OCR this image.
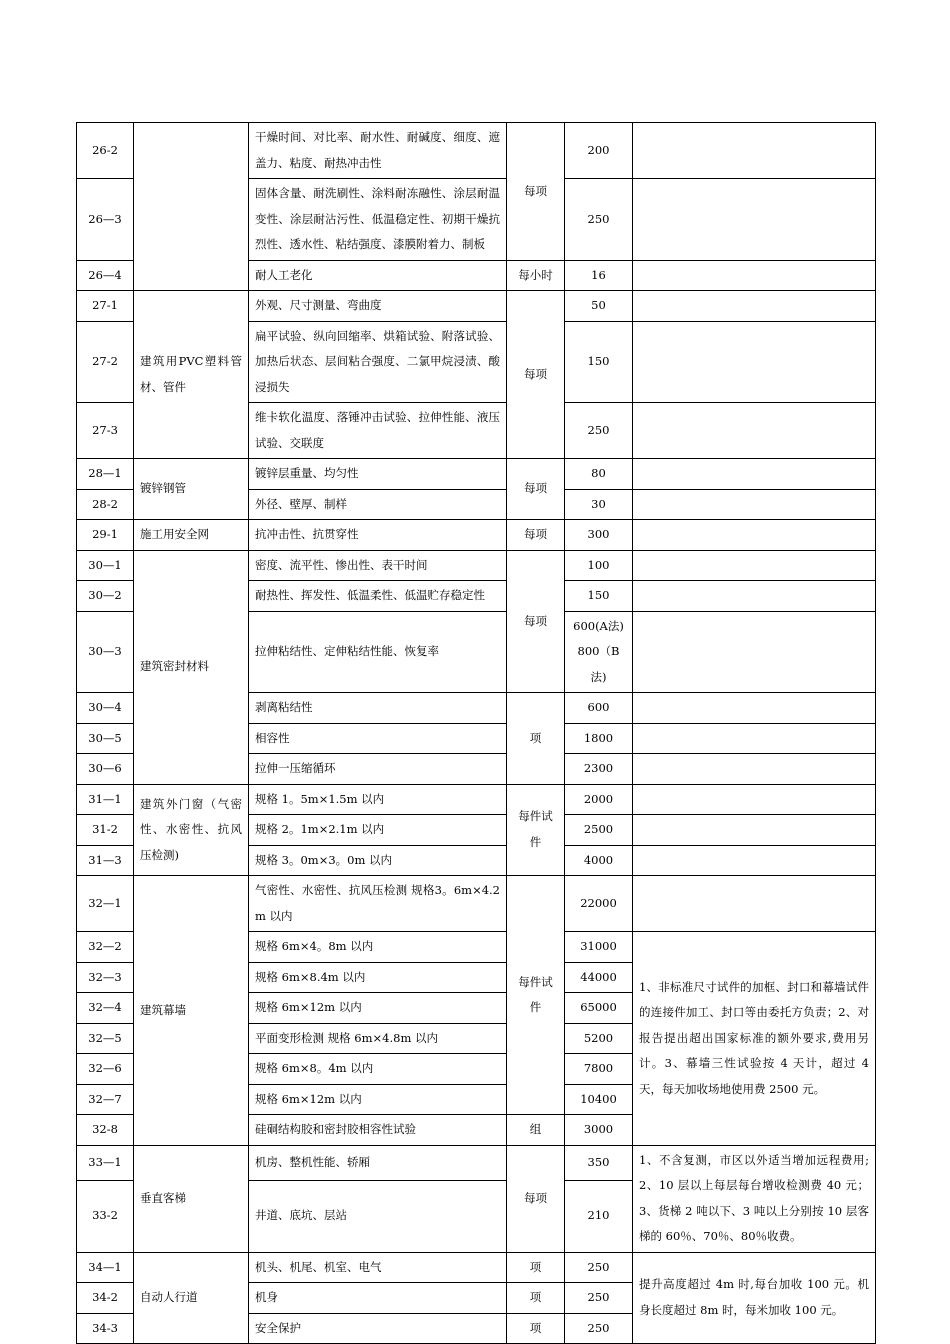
26-2		干燥时间、对比率、耐水性、耐碱度、细度、遮盖力、粘度、耐热冲击性	每项	200	
26—3		固体含量、耐洗刷性、涂料耐冻融性、涂层耐温变性、涂层耐沾污性、低温稳定性、初期干燥抗烈性、透水性、粘结强度、漆膜附着力、制板		250	
26—4		耐人工老化	每小时	16	
27-1	建筑用PVC塑料管材、管件	外观、尺寸测量、弯曲度	每项	50	
27-2		扁平试验、纵向回缩率、烘箱试验、附落试验、加热后状态、层间粘合强度、二氯甲烷浸渍、酸浸损失		150	
27-3		维卡软化温度、落锤冲击试验、拉伸性能、液压试验、交联度		250	
28—1	镀锌钢管	镀锌层重量、均匀性	每项	80	
28-2		外径、壁厚、制样		30	
29-1	施工用安全网	抗冲击性、抗贯穿性	每项	300	
30—1	建筑密封材料	密度、流平性、惨出性、表干时间	每项	100	
30—2		耐热性、挥发性、低温柔性、低温贮存稳定性		150	
30—3		拉伸粘结性、定伸粘结性能、恢复率		600(A法)
800（B法)	

30—4		剥离粘结性	项	600	
30—5		相容性		1800	
30—6		拉伸一压缩循环		2300	
31—1	建筑外门窗（气密性、水密性、抗风压检测)	规格 1。5m×1.5m 以内	每件试件	2000	
31-2		规格 2。1m×2.1m 以内		2500	
31—3		规格 3。0m×3。0m 以内		4000	
32—1	建筑幕墙	气密性、水密性、抗风压检测 规格3。6m×4.2m 以内	每件试件	22000	
32—2		规格 6m×4。8m 以内		31000	1、非标准尺寸试件的加框、封口和幕墙试件的连接件加工、封口等由委托方负责；2、对报告提出超出国家标准的额外要求,费用另计。3、幕墙三性试验按 4 天计，超过 4 天，每天加收场地使用费 2500 元。
32—3		规格 6m×8.4m 以内		44000	
32—4		规格 6m×12m 以内		65000	
32—5		平面变形检测 规格 6m×4.8m 以内		5200	
32—6		规格 6m×8。4m 以内		7800	
32—7		规格 6m×12m 以内		10400	
32-8		硅硐结构胶和密封胶相容性试验	组	3000	
33—1	垂直客梯	机房、整机性能、轿厢	每项	350	1、不含复测，市区以外适当增加远程费用;2、10 层以上每层每台增收检测费 40 元；3、货梯 2 吨以下、3 吨以上分别按 10 层客梯的 60％、70％、80％收费。
33-2		井道、底坑、层站		210	
34—1	自动人行道	机头、机尾、机室、电气	项	250	提升高度超过 4m 时,每台加收 100 元。机身长度超过 8m 时，每米加收 100 元。
34-2		机身	项	250	
34-3		安全保护	项	250	
